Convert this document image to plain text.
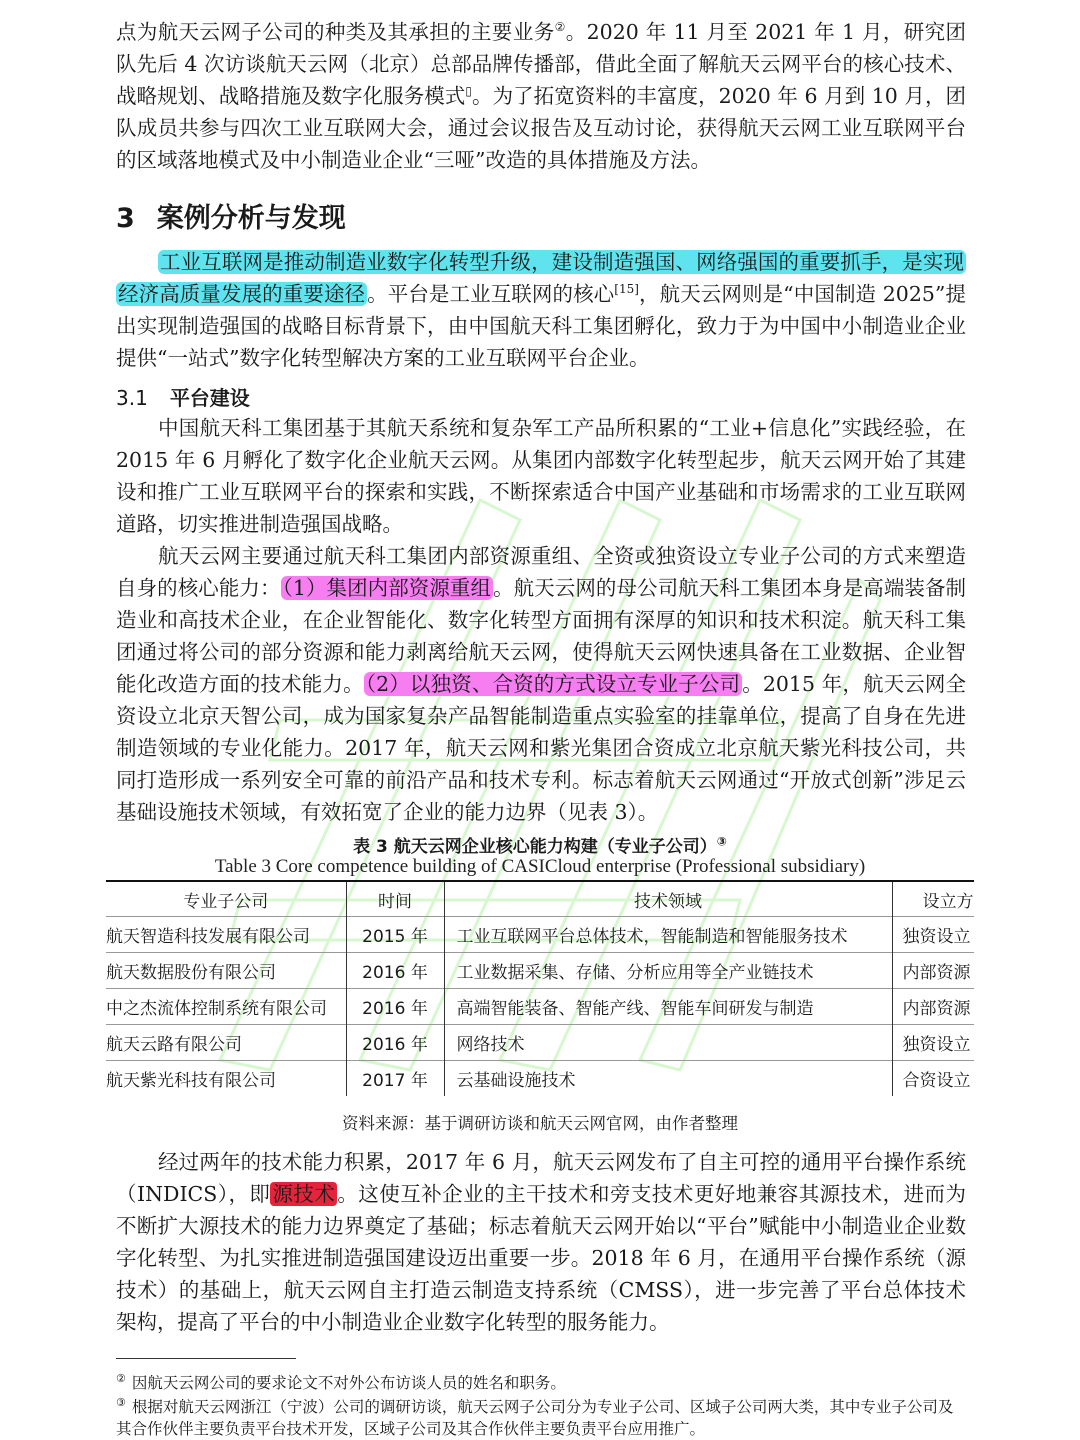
点为航天云网子公司的种类及其承担的主要业务②。2020 年 11 月至 2021 年 1 月，研究团队先后 4 次访谈航天云网（北京）总部品牌传播部，借此全面了解航天云网平台的核心技术、战略规划、战略措施及数字化服务模式▯。为了拓宽资料的丰富度，2020 年 6 月到 10 月，团队成员共参与四次工业互联网大会，通过会议报告及互动讨论，获得航天云网工业互联网平台的区域落地模式及中小制造业企业“三哑”改造的具体措施及方法。

3 案例分析与发现

工业互联网是推动制造业数字化转型升级，建设制造强国、网络强国的重要抓手，是实现经济高质量发展的重要途径。平台是工业互联网的核心[15]，航天云网则是“中国制造 2025”提出实现制造强国的战略目标背景下，由中国航天科工集团孵化，致力于为中国中小制造业企业提供“一站式”数字化转型解决方案的工业互联网平台企业。

3.1 平台建设

中国航天科工集团基于其航天系统和复杂军工产品所积累的“工业+信息化”实践经验，在 2015 年 6 月孵化了数字化企业航天云网。从集团内部数字化转型起步，航天云网开始了其建设和推广工业互联网平台的探索和实践，不断探索适合中国产业基础和市场需求的工业互联网道路，切实推进制造强国战略。

航天云网主要通过航天科工集团内部资源重组、全资或独资设立专业子公司的方式来塑造自身的核心能力：（1）集团内部资源重组。航天云网的母公司航天科工集团本身是高端装备制造业和高技术企业，在企业智能化、数字化转型方面拥有深厚的知识和技术积淀。航天科工集团通过将公司的部分资源和能力剥离给航天云网，使得航天云网快速具备在工业数据、企业智能化改造方面的技术能力。（2）以独资、合资的方式设立专业子公司。2015 年，航天云网全资设立北京天智公司，成为国家复杂产品智能制造重点实验室的挂靠单位，提高了自身在先进制造领域的专业化能力。2017 年，航天云网和紫光集团合资成立北京航天紫光科技公司，共同打造形成一系列安全可靠的前沿产品和技术专利。标志着航天云网通过“开放式创新”涉足云基础设施技术领域，有效拓宽了企业的能力边界（见表 3）。

表 3 航天云网企业核心能力构建（专业子公司）③

Table 3 Core competence building of CASICloud enterprise (Professional subsidiary)

专业子公司	时间	技术领域	设立方
航天智造科技发展有限公司	2015 年	工业互联网平台总体技术，智能制造和智能服务技术	独资设立
航天数据股份有限公司	2016 年	工业数据采集、存储、分析应用等全产业链技术	内部资源
中之杰流体控制系统有限公司	2016 年	高端智能装备、智能产线、智能车间研发与制造	内部资源
航天云路有限公司	2016 年	网络技术	独资设立
航天紫光科技有限公司	2017 年	云基础设施技术	合资设立

资料来源：基于调研访谈和航天云网官网，由作者整理

经过两年的技术能力积累，2017 年 6 月，航天云网发布了自主可控的通用平台操作系统（INDICS），即源技术。这使互补企业的主干技术和旁支技术更好地兼容其源技术，进而为不断扩大源技术的能力边界奠定了基础；标志着航天云网开始以“平台”赋能中小制造业企业数字化转型、为扎实推进制造强国建设迈出重要一步。2018 年 6 月，在通用平台操作系统（源技术）的基础上，航天云网自主打造云制造支持系统（CMSS），进一步完善了平台总体技术架构，提高了平台的中小制造业企业数字化转型的服务能力。

② 因航天云网公司的要求论文不对外公布访谈人员的姓名和职务。

③ 根据对航天云网浙江（宁波）公司的调研访谈，航天云网子公司分为专业子公司、区域子公司两大类，其中专业子公司及其合作伙伴主要负责平台技术开发，区域子公司及其合作伙伴主要负责平台应用推广。
